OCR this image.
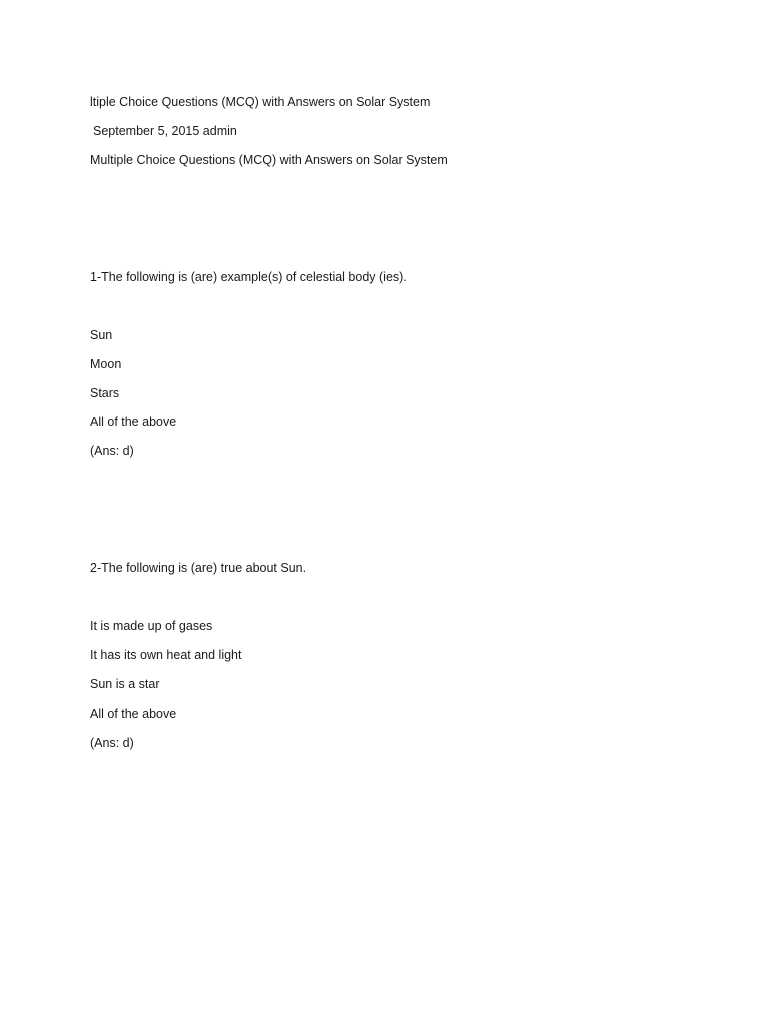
ltiple Choice Questions (MCQ) with Answers on Solar System

September 5, 2015 admin

Multiple Choice Questions (MCQ) with Answers on Solar System

1-The following is (are) example(s) of celestial body (ies).

Sun

Moon

Stars

All of the above

(Ans: d)

2-The following is (are) true about Sun.

It is made up of gases

It has its own heat and light

Sun is a star

All of the above

(Ans: d)
